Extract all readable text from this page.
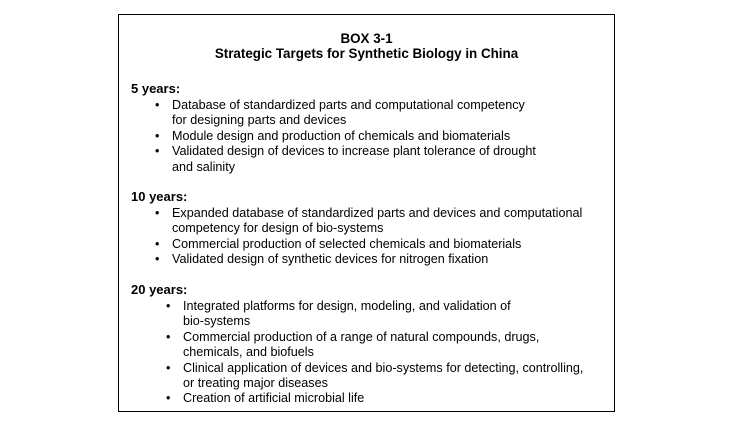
BOX 3-1

Strategic Targets for Synthetic Biology in China

5 years:

• Database of standardized parts and computational competency
for designing parts and devices
• Module design and production of chemicals and biomaterials
• Validated design of devices to increase plant tolerance of drought
and salinity

10 years:

• Expanded database of standardized parts and devices and computational
competency for design of bio-systems
• Commercial production of selected chemicals and biomaterials
• Validated design of synthetic devices for nitrogen fixation

20 years:

• Integrated platforms for design, modeling, and validation of
bio-systems
• Commercial production of a range of natural compounds, drugs,
chemicals, and biofuels
• Clinical application of devices and bio-systems for detecting, controlling,
or treating major diseases
• Creation of artificial microbial life
